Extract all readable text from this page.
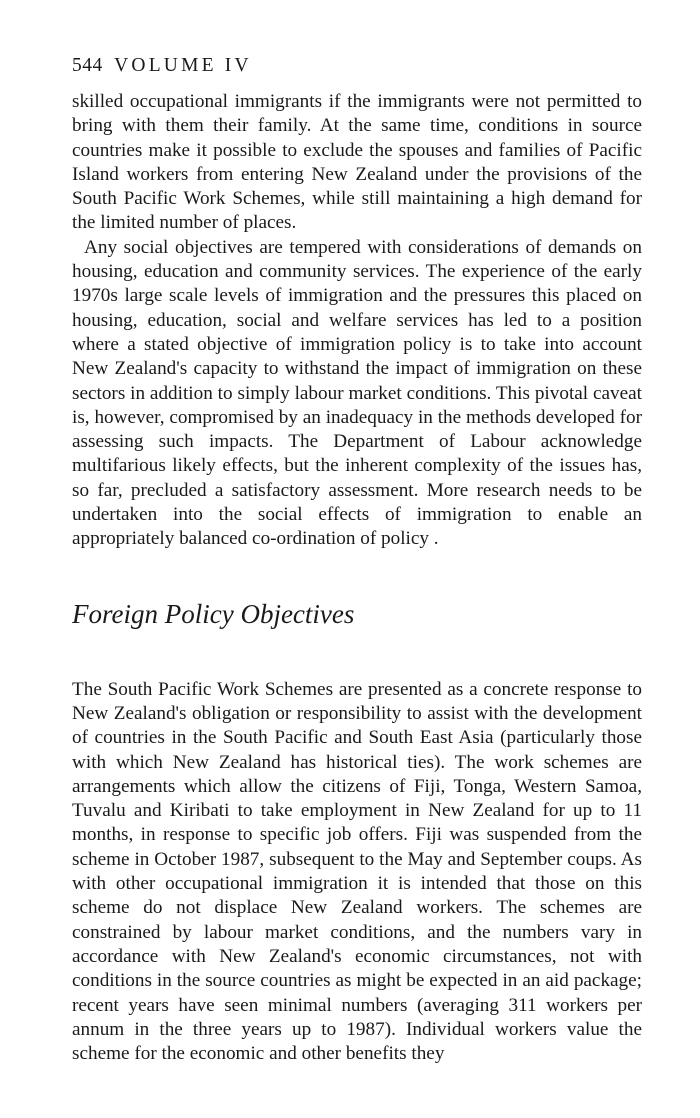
544 VOLUME IV

skilled occupational immigrants if the immigrants were not permitted to bring with them their family. At the same time, conditions in source countries make it possible to exclude the spouses and families of Pacific Island workers from entering New Zealand under the provisions of the South Pacific Work Schemes, while still maintaining a high demand for the limited number of places.

Any social objectives are tempered with considerations of demands on housing, education and community services. The experience of the early 1970s large scale levels of immigration and the pressures this placed on housing, education, social and welfare services has led to a position where a stated objective of immigration policy is to take into account New Zealand's capacity to withstand the impact of immigration on these sectors in addition to simply labour market conditions. This pivotal caveat is, however, compromised by an inadequacy in the methods developed for assessing such impacts. The Department of Labour acknowledge multifarious likely effects, but the inherent complexity of the issues has, so far, precluded a satisfactory assessment. More research needs to be undertaken into the social effects of immigration to enable an appropriately balanced co-ordination of policy .

Foreign Policy Objectives

The South Pacific Work Schemes are presented as a concrete response to New Zealand's obligation or responsibility to assist with the development of countries in the South Pacific and South East Asia (particularly those with which New Zealand has historical ties). The work schemes are arrangements which allow the citizens of Fiji, Tonga, Western Samoa, Tuvalu and Kiribati to take employment in New Zealand for up to 11 months, in response to specific job offers. Fiji was suspended from the scheme in October 1987, subsequent to the May and September coups. As with other occupational immigration it is intended that those on this scheme do not displace New Zealand workers. The schemes are constrained by labour market conditions, and the numbers vary in accordance with New Zealand's economic circumstances, not with conditions in the source countries as might be expected in an aid package; recent years have seen minimal numbers (averaging 311 workers per annum in the three years up to 1987). Individual workers value the scheme for the economic and other benefits they
